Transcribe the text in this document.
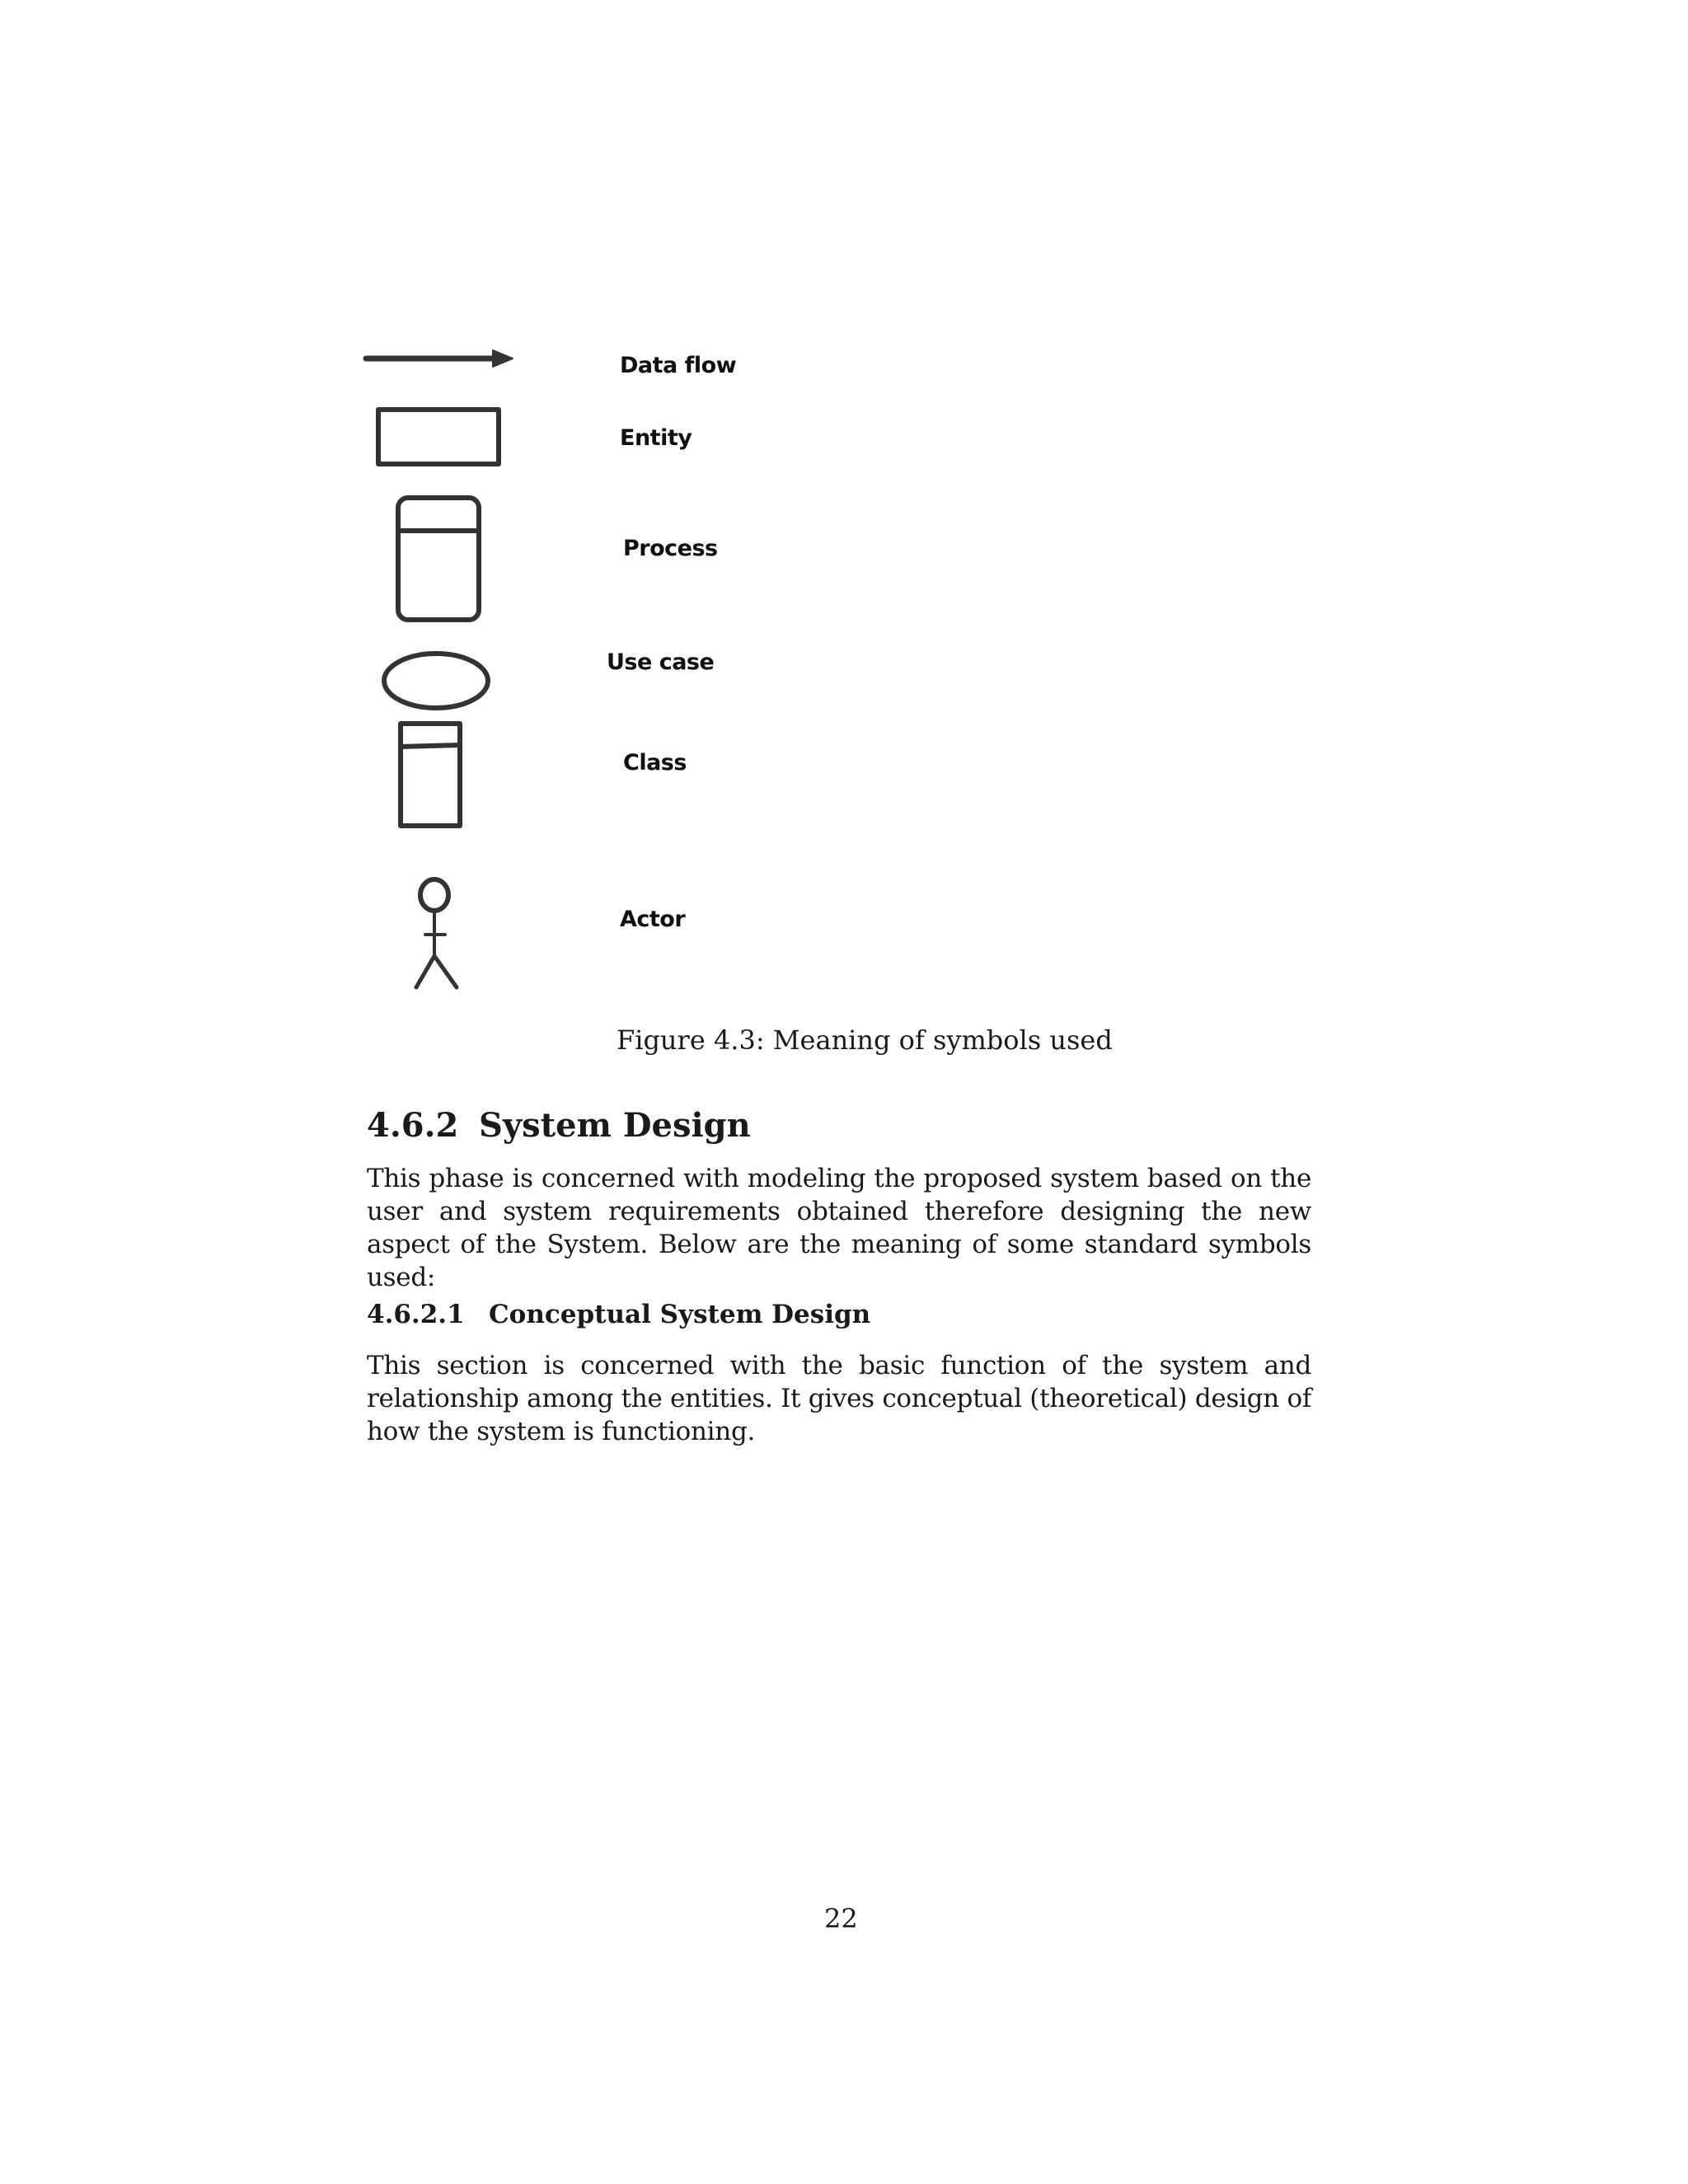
Data flow
Entity
Process
Use case
Class
Actor
Figure 4.3: Meaning of symbols used
4.6.2 System Design
This phase is concerned with modeling the proposed system based on the user and system requirements obtained therefore designing the new aspect of the System. Below are the meaning of some standard symbols used:
4.6.2.1 Conceptual System Design
This section is concerned with the basic function of the system and relationship among the entities. It gives conceptual (theoretical) design of how the system is functioning.
22
